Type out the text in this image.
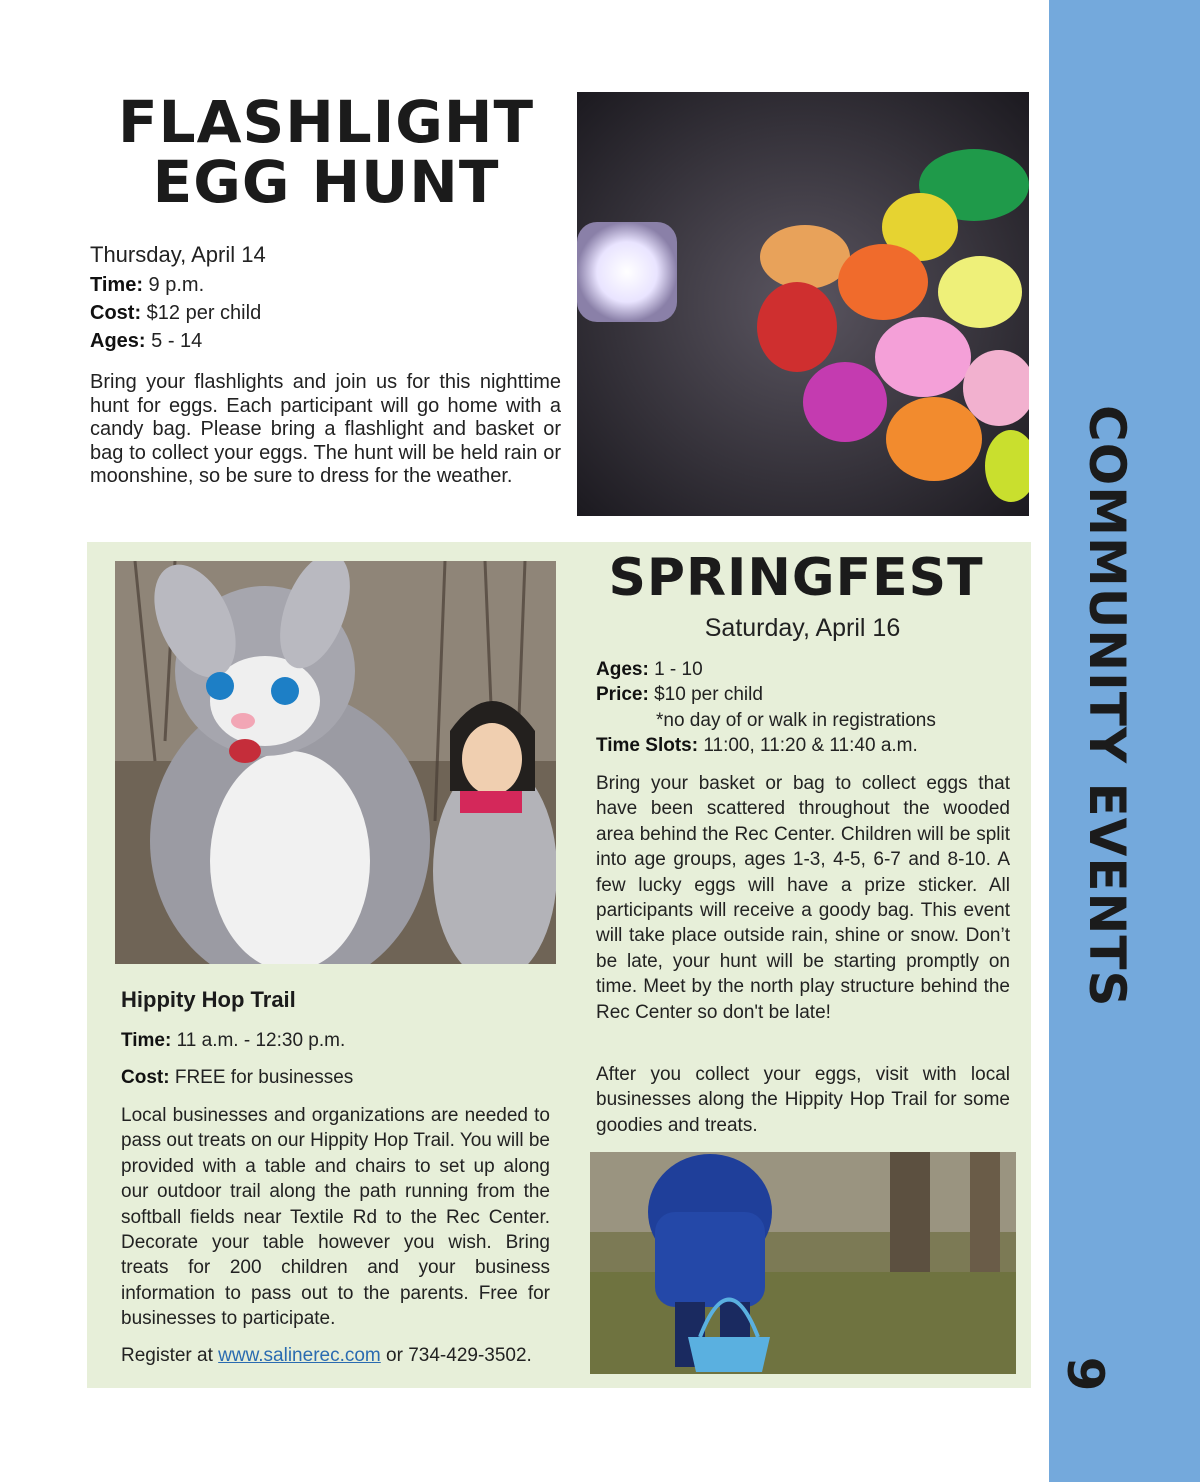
COMMUNITY EVENTS
9
FLASHLIGHT
EGG HUNT
Thursday, April 14
Time: 9 p.m.
Cost: $12 per child
Ages: 5 - 14
Bring your flashlights and join us for this nighttime hunt for eggs. Each participant will go home with a candy bag. Please bring a flashlight and basket or bag to collect your eggs. The hunt will be held rain or moonshine, so be sure to dress for the weather.
SPRINGFEST
Saturday, April 16
Ages: 1 - 10
Price: $10 per child
*no day of or walk in registrations
Time Slots: 11:00, 11:20 & 11:40 a.m.
Bring your basket or bag to collect eggs that have been scattered throughout the wooded area behind the Rec Center. Children will be split into age groups, ages 1-3, 4-5, 6-7 and 8-10. A few lucky eggs will have a prize sticker. All participants will receive a goody bag. This event will take place outside rain, shine or snow. Don’t be late, your hunt will be starting promptly on time. Meet by the north play structure behind the Rec Center so don't be late!
After you collect your eggs, visit with local businesses along the Hippity Hop Trail for some goodies and treats.
Hippity Hop Trail
Time: 11 a.m. - 12:30 p.m.
Cost: FREE for businesses
Local businesses and organizations are needed to pass out treats on our Hippity Hop Trail. You will be provided with a table and chairs to set up along our outdoor trail along the path running from the softball fields near Textile Rd to the Rec Center. Decorate your table however you wish. Bring treats for 200 children and your business information to pass out to the parents. Free for businesses to participate.
Register at www.salinerec.com or 734-429-3502.
